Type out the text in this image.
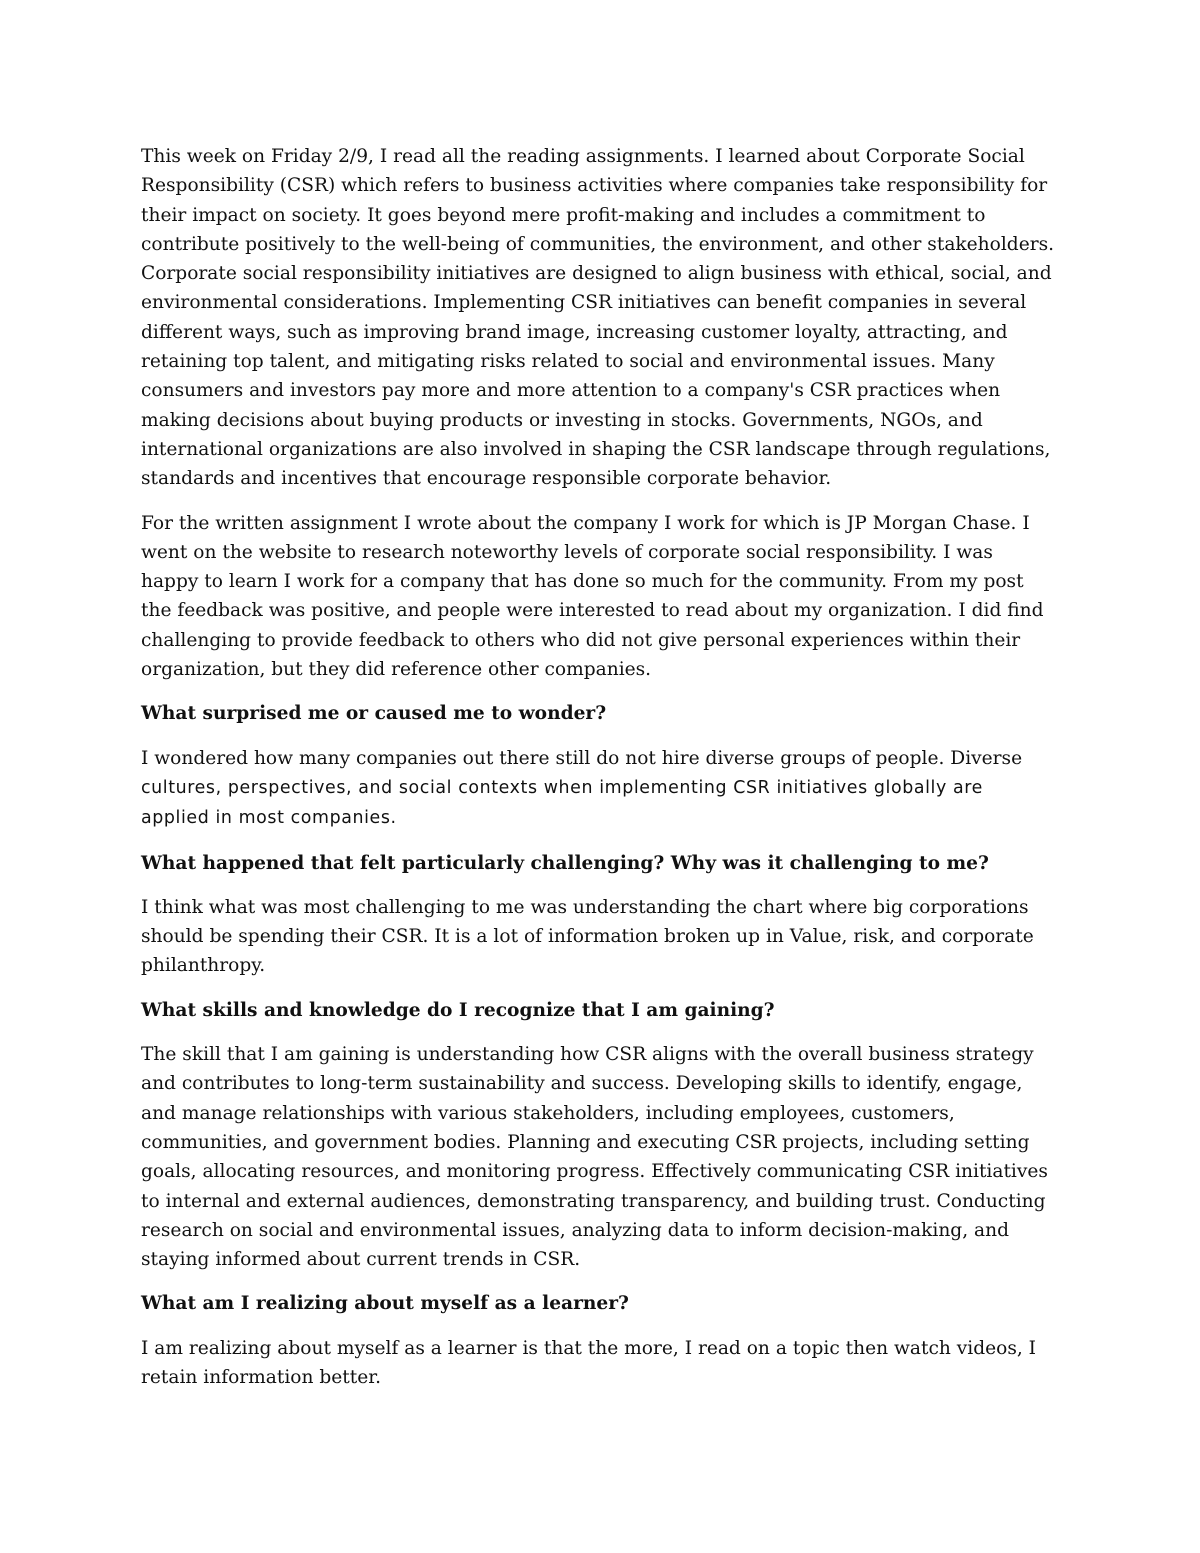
This week on Friday 2/9, I read all the reading assignments. I learned about Corporate Social Responsibility (CSR) which refers to business activities where companies take responsibility for their impact on society. It goes beyond mere profit-making and includes a commitment to contribute positively to the well-being of communities, the environment, and other stakeholders. Corporate social responsibility initiatives are designed to align business with ethical, social, and environmental considerations. Implementing CSR initiatives can benefit companies in several different ways, such as improving brand image, increasing customer loyalty, attracting, and retaining top talent, and mitigating risks related to social and environmental issues. Many consumers and investors pay more and more attention to a company's CSR practices when making decisions about buying products or investing in stocks. Governments, NGOs, and international organizations are also involved in shaping the CSR landscape through regulations, standards and incentives that encourage responsible corporate behavior.

For the written assignment I wrote about the company I work for which is JP Morgan Chase. I went on the website to research noteworthy levels of corporate social responsibility. I was happy to learn I work for a company that has done so much for the community. From my post the feedback was positive, and people were interested to read about my organization. I did find challenging to provide feedback to others who did not give personal experiences within their organization, but they did reference other companies.

What surprised me or caused me to wonder?

I wondered how many companies out there still do not hire diverse groups of people. Diverse cultures, perspectives, and social contexts when implementing CSR initiatives globally are applied in most companies.

What happened that felt particularly challenging? Why was it challenging to me?

I think what was most challenging to me was understanding the chart where big corporations should be spending their CSR. It is a lot of information broken up in Value, risk, and corporate philanthropy.

What skills and knowledge do I recognize that I am gaining?

The skill that I am gaining is understanding how CSR aligns with the overall business strategy and contributes to long-term sustainability and success. Developing skills to identify, engage, and manage relationships with various stakeholders, including employees, customers, communities, and government bodies. Planning and executing CSR projects, including setting goals, allocating resources, and monitoring progress. Effectively communicating CSR initiatives to internal and external audiences, demonstrating transparency, and building trust. Conducting research on social and environmental issues, analyzing data to inform decision-making, and staying informed about current trends in CSR.

What am I realizing about myself as a learner?

I am realizing about myself as a learner is that the more, I read on a topic then watch videos, I retain information better.
